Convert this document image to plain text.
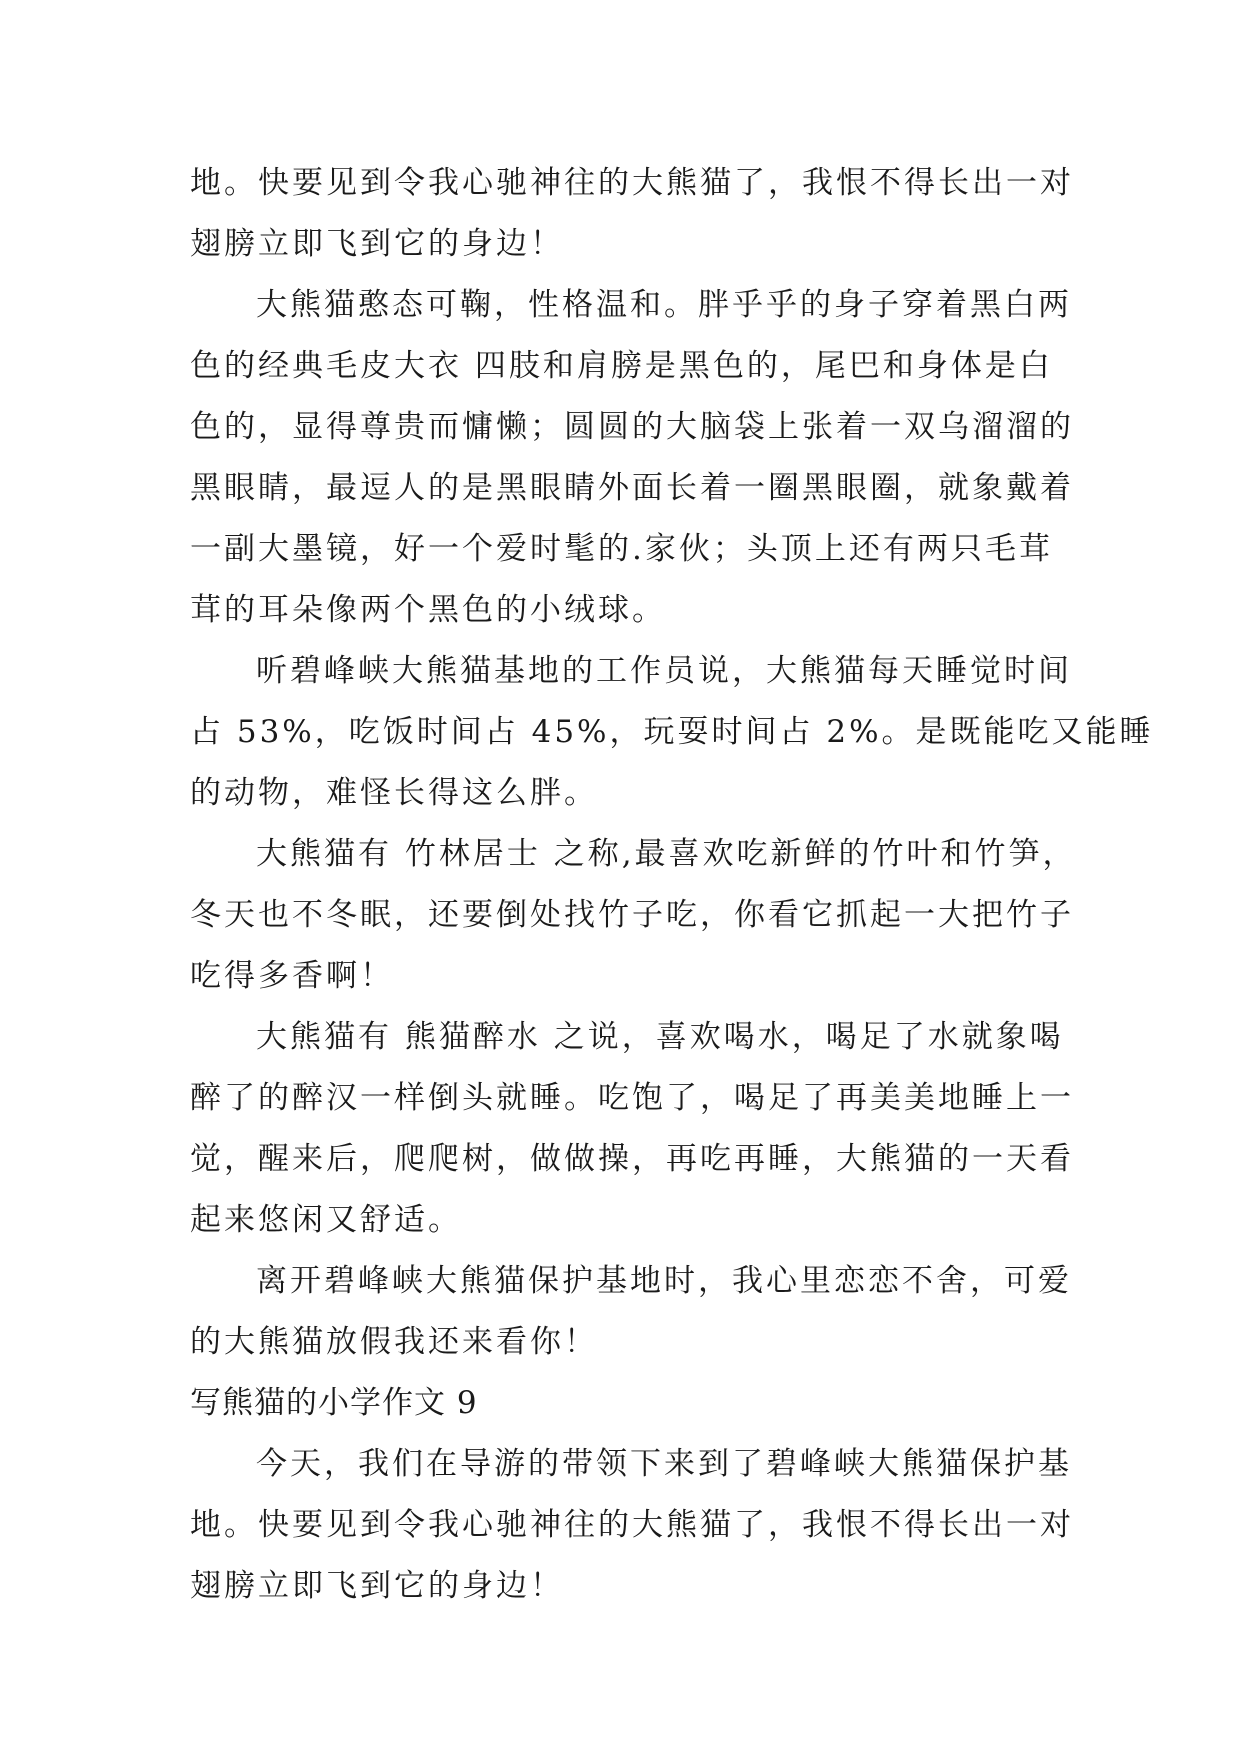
地。快要见到令我心驰神往的大熊猫了，我恨不得长出一对
翅膀立即飞到它的身边！
大熊猫憨态可鞠，性格温和。胖乎乎的身子穿着黑白两
色的经典毛皮大衣 四肢和肩膀是黑色的，尾巴和身体是白
色的，显得尊贵而慵懒；圆圆的大脑袋上张着一双乌溜溜的
黑眼睛，最逗人的是黑眼睛外面长着一圈黑眼圈，就象戴着
一副大墨镜，好一个爱时髦的.家伙；头顶上还有两只毛茸
茸的耳朵像两个黑色的小绒球。
听碧峰峡大熊猫基地的工作员说，大熊猫每天睡觉时间
占 53%，吃饭时间占 45%，玩耍时间占 2%。是既能吃又能睡
的动物，难怪长得这么胖。
大熊猫有 竹林居士 之称,最喜欢吃新鲜的竹叶和竹笋，
冬天也不冬眠，还要倒处找竹子吃，你看它抓起一大把竹子
吃得多香啊！
大熊猫有 熊猫醉水 之说，喜欢喝水，喝足了水就象喝
醉了的醉汉一样倒头就睡。吃饱了，喝足了再美美地睡上一
觉，醒来后，爬爬树，做做操，再吃再睡，大熊猫的一天看
起来悠闲又舒适。
离开碧峰峡大熊猫保护基地时，我心里恋恋不舍，可爱
的大熊猫放假我还来看你！
写熊猫的小学作文 9
今天，我们在导游的带领下来到了碧峰峡大熊猫保护基
地。快要见到令我心驰神往的大熊猫了，我恨不得长出一对
翅膀立即飞到它的身边！
